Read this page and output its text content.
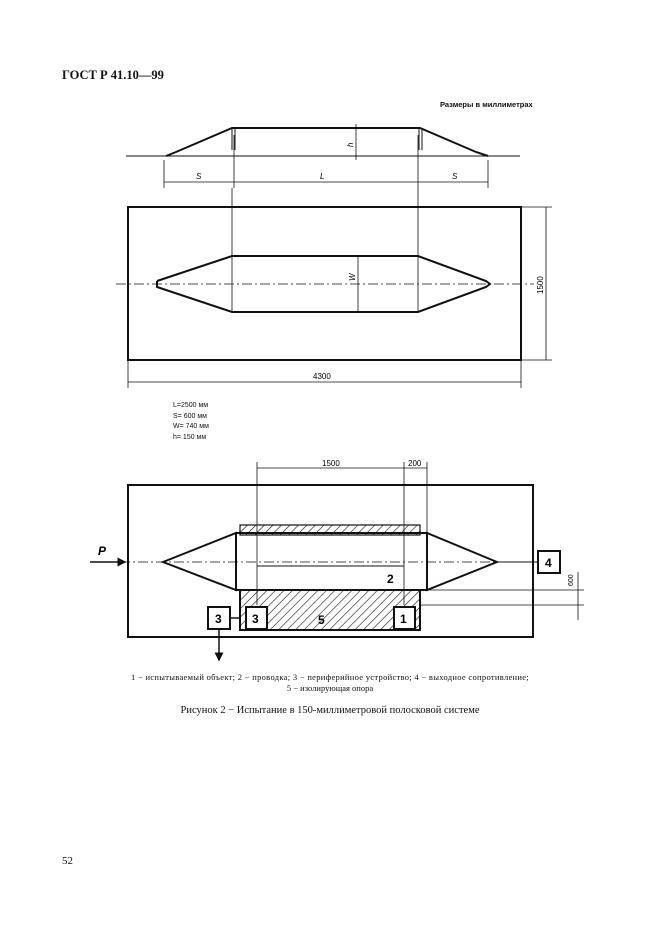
ГОСТ Р 41.10—99
Размеры в миллиметрах
S	L	S
h
W	1500
4300
1500	200
600
P
2
5
3	1
3
4
L=2500 мм
S= 600 мм
W= 740 мм
h= 150 мм
1 − испытываемый объект; 2 − проводка; 3 − периферийное устройство; 4 − выходное сопротивление;
5 − изолирующая опора
Рисунок 2 − Испытание в 150-миллиметровой полосковой системе
52
